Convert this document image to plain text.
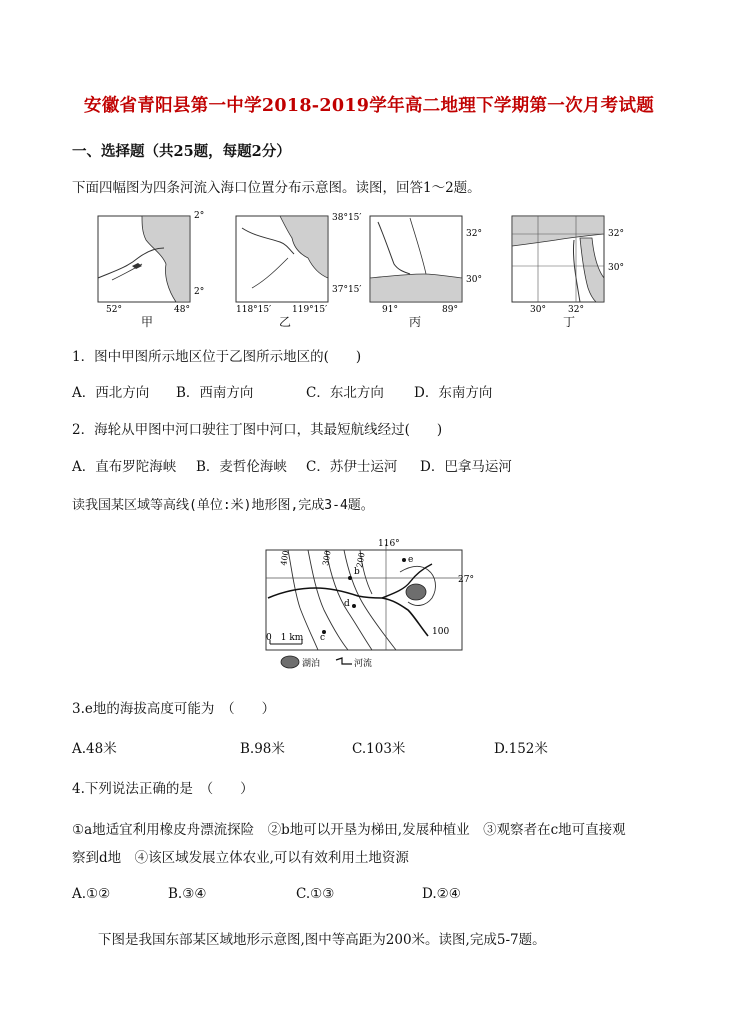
安徽省青阳县第一中学2018-2019学年高二地理下学期第一次月考试题
一、选择题（共25题，每题2分）
下面四幅图为四条河流入海口位置分布示意图。读图，回答1～2题。
2°
2°
52°	48°
38°15′
37°15′
118°15′ 119°15′
32°
30°
91°	89°
32°
30°
30° 32°
甲	乙	丙	丁
1．图中甲图所示地区位于乙图所示地区的(　　)
A．西北方向 B．西南方向	C．东北方向 D．东南方向
2．海轮从甲图中河口驶往丁图中河口，其最短航线经过(　　)
A．直布罗陀海峡 B．麦哲伦海峡 C．苏伊士运河 D．巴拿马运河
读我国某区域等高线(单位:米)地形图,完成3-4题。
116°
27°
400	300	200
100
b
d
c
e
0　1 km
湖泊	河流
3.e地的海拔高度可能为　（　　）
A.48米	B.98米	C.103米	D.152米
4.下列说法正确的是　（　　）
①a地适宜利用橡皮舟漂流探险　②b地可以开垦为梯田,发展种植业　③观察者在c地可直接观
察到d地　④该区域发展立体农业,可以有效利用土地资源
A.①②	B.③④	C.①③	D.②④
下图是我国东部某区域地形示意图,图中等高距为200米。读图,完成5-7题。
